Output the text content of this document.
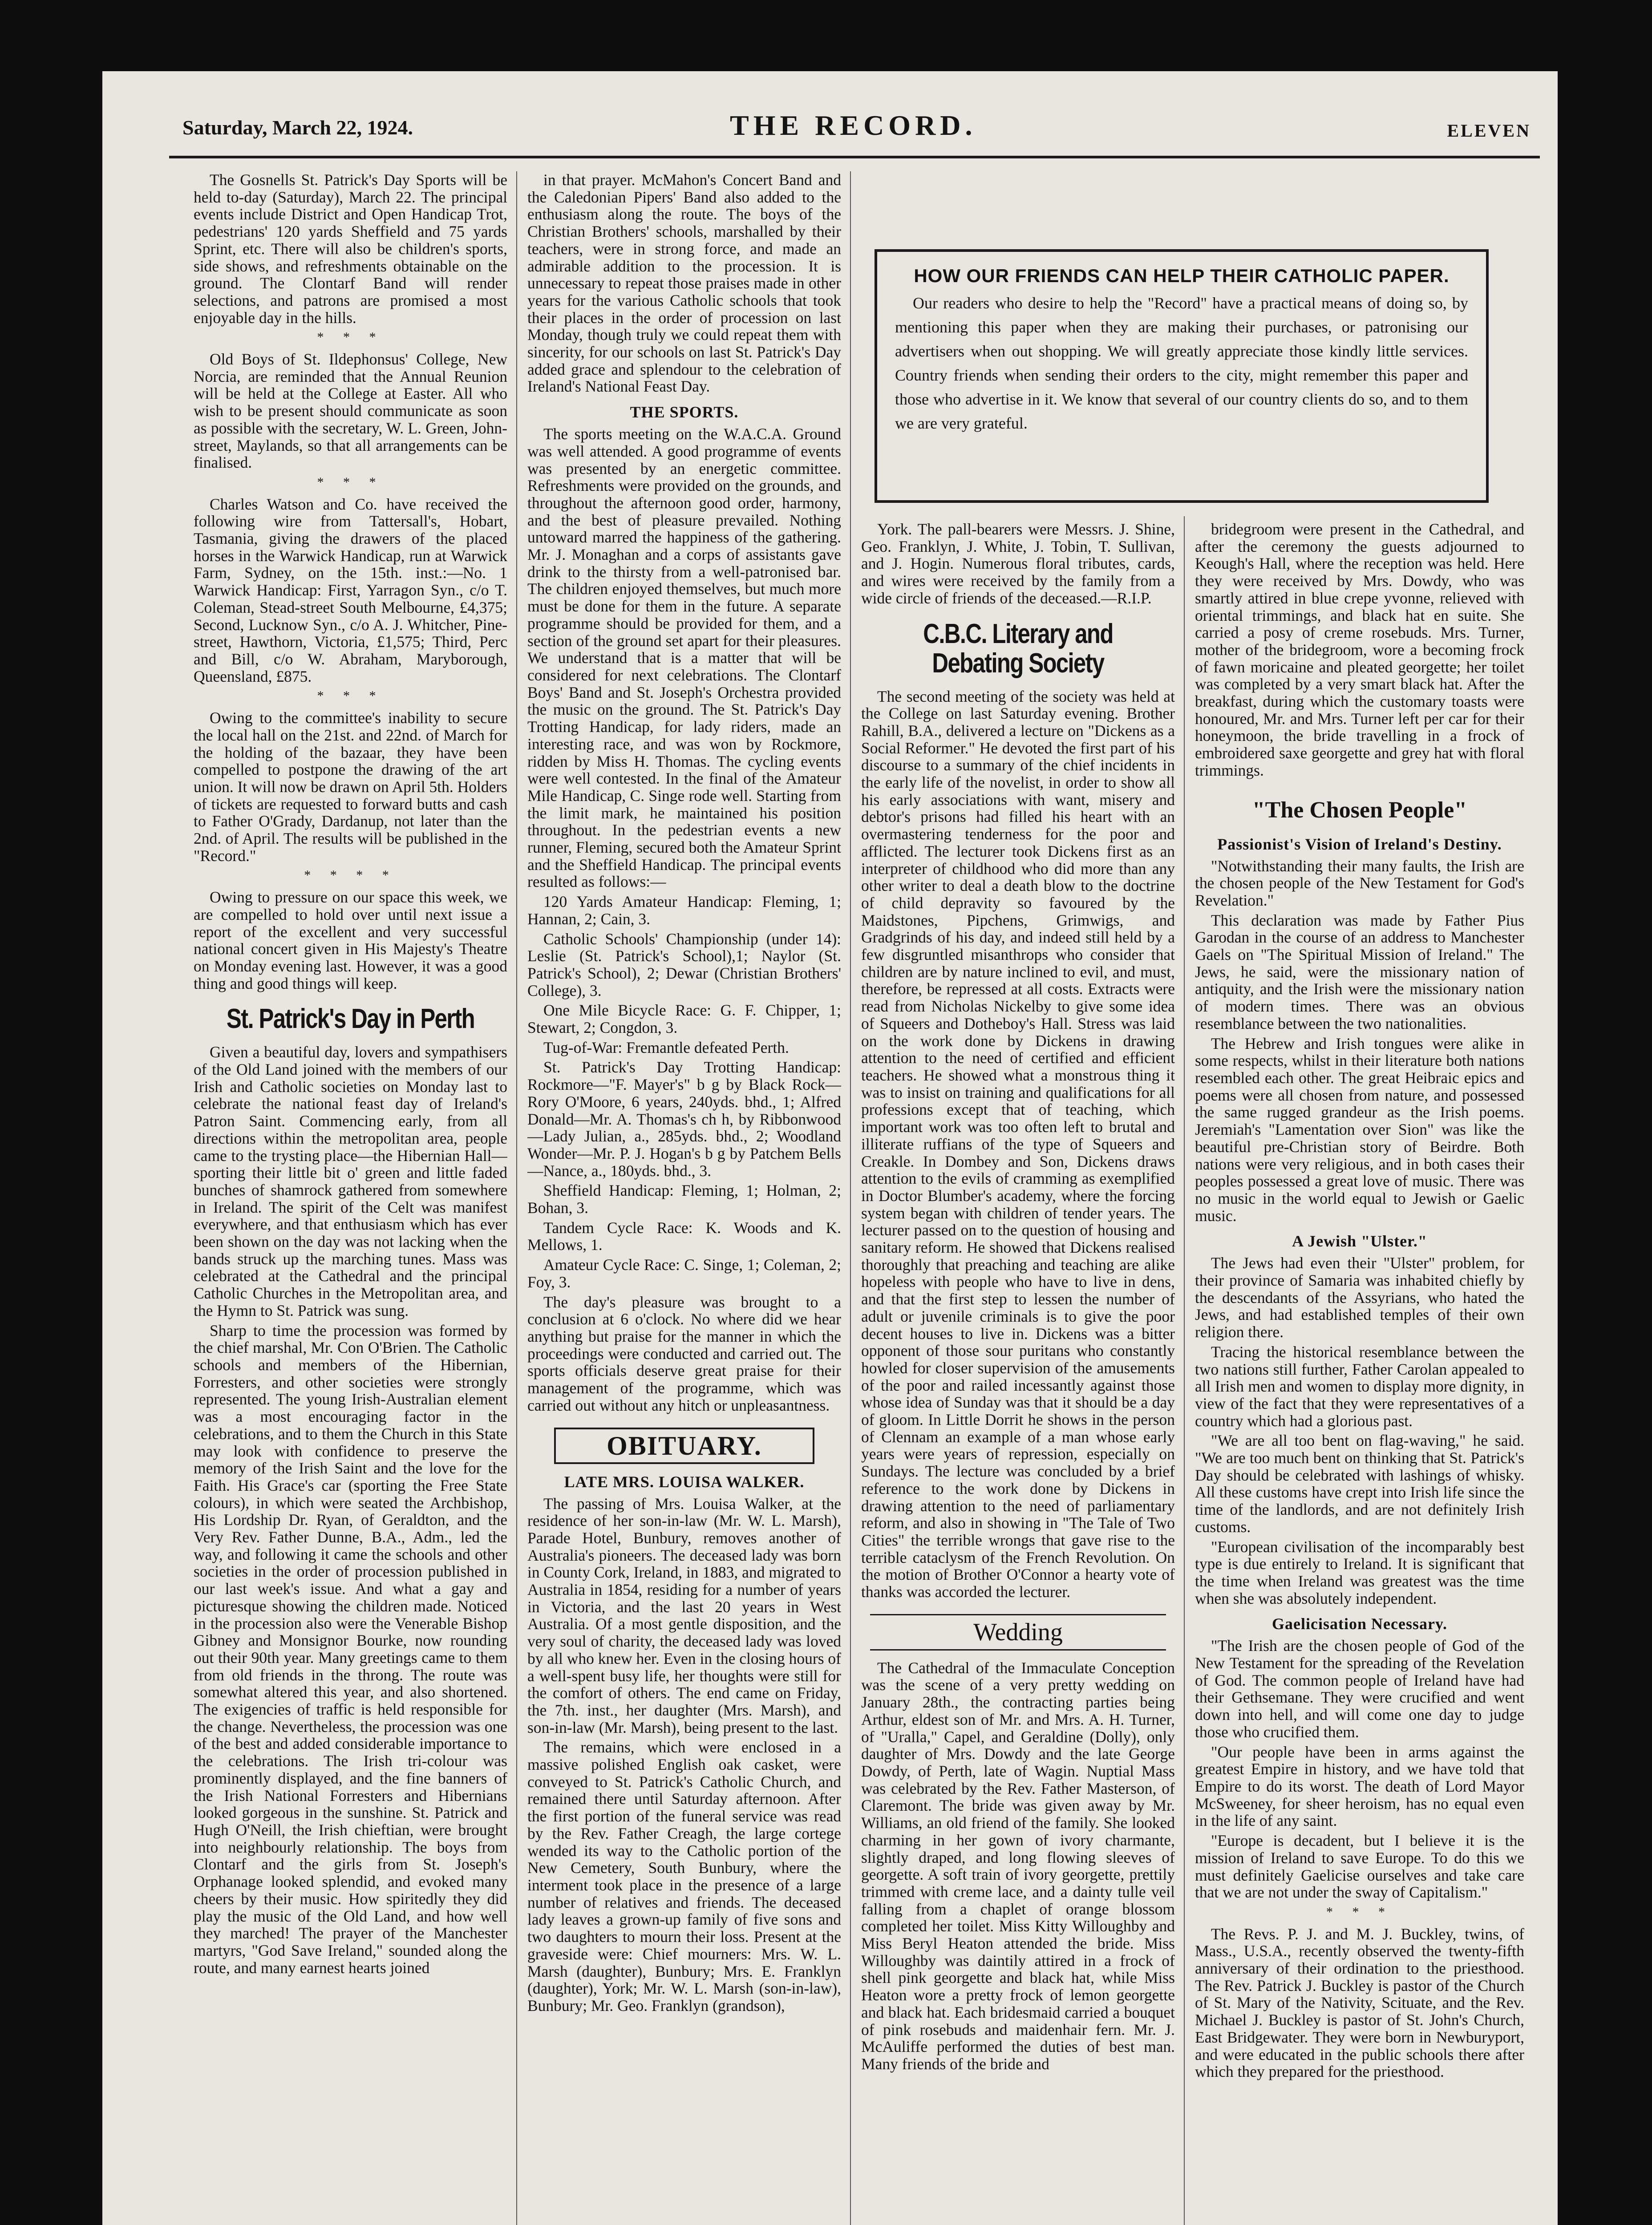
Saturday, March 22, 1924.	THE RECORD.	ELEVEN

The Gosnells St. Patrick's Day Sports will be held to-day (Saturday), March 22. The principal events include District and Open Handicap Trot, pedestrians' 120 yards Sheffield and 75 yards Sprint, etc. There will also be children's sports, side shows, and refreshments obtainable on the ground. The Clontarf Band will render selections, and patrons are promised a most enjoyable day in the hills.

* * *

Old Boys of St. Ildephonsus' College, New Norcia, are reminded that the Annual Reunion will be held at the College at Easter. All who wish to be present should communicate as soon as possible with the secretary, W. L. Green, John-street, Maylands, so that all arrangements can be finalised.

* * *

Charles Watson and Co. have received the following wire from Tattersall's, Hobart, Tasmania, giving the drawers of the placed horses in the Warwick Handicap, run at Warwick Farm, Sydney, on the 15th. inst.:—No. 1 Warwick Handicap: First, Yarragon Syn., c/o T. Coleman, Stead-street South Melbourne, £4,375; Second, Lucknow Syn., c/o A. J. Whitcher, Pine-street, Hawthorn, Victoria, £1,575; Third, Perc and Bill, c/o W. Abraham, Maryborough, Queensland, £875.

* * *

Owing to the committee's inability to secure the local hall on the 21st. and 22nd. of March for the holding of the bazaar, they have been compelled to postpone the drawing of the art union. It will now be drawn on April 5th. Holders of tickets are requested to forward butts and cash to Father O'Grady, Dardanup, not later than the 2nd. of April. The results will be published in the "Record."

* * * *

Owing to pressure on our space this week, we are compelled to hold over until next issue a report of the excellent and very successful national concert given in His Majesty's Theatre on Monday evening last. However, it was a good thing and good things will keep.

St. Patrick's Day in Perth

Given a beautiful day, lovers and sympathisers of the Old Land joined with the members of our Irish and Catholic societies on Monday last to celebrate the national feast day of Ireland's Patron Saint. Commencing early, from all directions within the metropolitan area, people came to the trysting place—the Hibernian Hall—sporting their little bit o' green and little faded bunches of shamrock gathered from somewhere in Ireland. The spirit of the Celt was manifest everywhere, and that enthusiasm which has ever been shown on the day was not lacking when the bands struck up the marching tunes. Mass was celebrated at the Cathedral and the principal Catholic Churches in the Metropolitan area, and the Hymn to St. Patrick was sung.

Sharp to time the procession was formed by the chief marshal, Mr. Con O'Brien. The Catholic schools and members of the Hibernian, Forresters, and other societies were strongly represented. The young Irish-Australian element was a most encouraging factor in the celebrations, and to them the Church in this State may look with confidence to preserve the memory of the Irish Saint and the love for the Faith. His Grace's car (sporting the Free State colours), in which were seated the Archbishop, His Lordship Dr. Ryan, of Geraldton, and the Very Rev. Father Dunne, B.A., Adm., led the way, and following it came the schools and other societies in the order of procession published in our last week's issue. And what a gay and picturesque showing the children made. Noticed in the procession also were the Venerable Bishop Gibney and Monsignor Bourke, now rounding out their 90th year. Many greetings came to them from old friends in the throng. The route was somewhat altered this year, and also shortened. The exigencies of traffic is held responsible for the change. Nevertheless, the procession was one of the best and added considerable importance to the celebrations. The Irish tri-colour was prominently displayed, and the fine banners of the Irish National Forresters and Hibernians looked gorgeous in the sunshine. St. Patrick and Hugh O'Neill, the Irish chieftian, were brought into neighbourly relationship. The boys from Clontarf and the girls from St. Joseph's Orphanage looked splendid, and evoked many cheers by their music. How spiritedly they did play the music of the Old Land, and how well they marched! The prayer of the Manchester martyrs, "God Save Ireland," sounded along the route, and many earnest hearts joined

in that prayer. McMahon's Concert Band and the Caledonian Pipers' Band also added to the enthusiasm along the route. The boys of the Christian Brothers' schools, marshalled by their teachers, were in strong force, and made an admirable addition to the procession. It is unnecessary to repeat those praises made in other years for the various Catholic schools that took their places in the order of procession on last Monday, though truly we could repeat them with sincerity, for our schools on last St. Patrick's Day added grace and splendour to the celebration of Ireland's National Feast Day.

THE SPORTS.

The sports meeting on the W.A.C.A. Ground was well attended. A good programme of events was presented by an energetic committee. Refreshments were provided on the grounds, and throughout the afternoon good order, harmony, and the best of pleasure prevailed. Nothing untoward marred the happiness of the gathering. Mr. J. Monaghan and a corps of assistants gave drink to the thirsty from a well-patronised bar. The children enjoyed themselves, but much more must be done for them in the future. A separate programme should be provided for them, and a section of the ground set apart for their pleasures. We understand that is a matter that will be considered for next celebrations. The Clontarf Boys' Band and St. Joseph's Orchestra provided the music on the ground. The St. Patrick's Day Trotting Handicap, for lady riders, made an interesting race, and was won by Rockmore, ridden by Miss H. Thomas. The cycling events were well contested. In the final of the Amateur Mile Handicap, C. Singe rode well. Starting from the limit mark, he maintained his position throughout. In the pedestrian events a new runner, Fleming, secured both the Amateur Sprint and the Sheffield Handicap. The principal events resulted as follows:—

120 Yards Amateur Handicap: Fleming, 1; Hannan, 2; Cain, 3.

Catholic Schools' Championship (under 14): Leslie (St. Patrick's School),1; Naylor (St. Patrick's School), 2; Dewar (Christian Brothers' College), 3.

One Mile Bicycle Race: G. F. Chipper, 1; Stewart, 2; Congdon, 3.

Tug-of-War: Fremantle defeated Perth.

St. Patrick's Day Trotting Handicap: Rockmore—"F. Mayer's" b g by Black Rock—Rory O'Moore, 6 years, 240yds. bhd., 1; Alfred Donald—Mr. A. Thomas's ch h, by Ribbonwood—Lady Julian, a., 285yds. bhd., 2; Woodland Wonder—Mr. P. J. Hogan's b g by Patchem Bells—Nance, a., 180yds. bhd., 3.

Sheffield Handicap: Fleming, 1; Holman, 2; Bohan, 3.

Tandem Cycle Race: K. Woods and K. Mellows, 1.

Amateur Cycle Race: C. Singe, 1; Coleman, 2; Foy, 3.

The day's pleasure was brought to a conclusion at 6 o'clock. No where did we hear anything but praise for the manner in which the proceedings were conducted and carried out. The sports officials deserve great praise for their management of the programme, which was carried out without any hitch or unpleasantness.

OBITUARY.
LATE MRS. LOUISA WALKER.

The passing of Mrs. Louisa Walker, at the residence of her son-in-law (Mr. W. L. Marsh), Parade Hotel, Bunbury, removes another of Australia's pioneers. The deceased lady was born in County Cork, Ireland, in 1883, and migrated to Australia in 1854, residing for a number of years in Victoria, and the last 20 years in West Australia. Of a most gentle disposition, and the very soul of charity, the deceased lady was loved by all who knew her. Even in the closing hours of a well-spent busy life, her thoughts were still for the comfort of others. The end came on Friday, the 7th. inst., her daughter (Mrs. Marsh), and son-in-law (Mr. Marsh), being present to the last.

The remains, which were enclosed in a massive polished English oak casket, were conveyed to St. Patrick's Catholic Church, and remained there until Saturday afternoon. After the first portion of the funeral service was read by the Rev. Father Creagh, the large cortege wended its way to the Catholic portion of the New Cemetery, South Bunbury, where the interment took place in the presence of a large number of relatives and friends. The deceased lady leaves a grown-up family of five sons and two daughters to mourn their loss. Present at the graveside were: Chief mourners: Mrs. W. L. Marsh (daughter), Bunbury; Mrs. E. Franklyn (daughter), York; Mr. W. L. Marsh (son-in-law), Bunbury; Mr. Geo. Franklyn (grandson),

HOW OUR FRIENDS CAN HELP THEIR CATHOLIC PAPER.

Our readers who desire to help the "Record" have a practical means of doing so, by mentioning this paper when they are making their purchases, or patronising our advertisers when out shopping. We will greatly appreciate those kindly little services. Country friends when sending their orders to the city, might remember this paper and those who advertise in it. We know that several of our country clients do so, and to them we are very grateful.

York. The pall-bearers were Messrs. J. Shine, Geo. Franklyn, J. White, J. Tobin, T. Sullivan, and J. Hogin. Numerous floral tributes, cards, and wires were received by the family from a wide circle of friends of the deceased.—R.I.P.

C.B.C. Literary and Debating Society

The second meeting of the society was held at the College on last Saturday evening. Brother Rahill, B.A., delivered a lecture on "Dickens as a Social Reformer." He devoted the first part of his discourse to a summary of the chief incidents in the early life of the novelist, in order to show all his early associations with want, misery and debtor's prisons had filled his heart with an overmastering tenderness for the poor and afflicted. The lecturer took Dickens first as an interpreter of childhood who did more than any other writer to deal a death blow to the doctrine of child depravity so favoured by the Maidstones, Pipchens, Grimwigs, and Gradgrinds of his day, and indeed still held by a few disgruntled misanthrops who consider that children are by nature inclined to evil, and must, therefore, be repressed at all costs. Extracts were read from Nicholas Nickelby to give some idea of Squeers and Dotheboy's Hall. Stress was laid on the work done by Dickens in drawing attention to the need of certified and efficient teachers. He showed what a monstrous thing it was to insist on training and qualifications for all professions except that of teaching, which important work was too often left to brutal and illiterate ruffians of the type of Squeers and Creakle. In Dombey and Son, Dickens draws attention to the evils of cramming as exemplified in Doctor Blumber's academy, where the forcing system began with children of tender years. The lecturer passed on to the question of housing and sanitary reform. He showed that Dickens realised thoroughly that preaching and teaching are alike hopeless with people who have to live in dens, and that the first step to lessen the number of adult or juvenile criminals is to give the poor decent houses to live in. Dickens was a bitter opponent of those sour puritans who constantly howled for closer supervision of the amusements of the poor and railed incessantly against those whose idea of Sunday was that it should be a day of gloom. In Little Dorrit he shows in the person of Clennam an example of a man whose early years were years of repression, especially on Sundays. The lecture was concluded by a brief reference to the work done by Dickens in drawing attention to the need of parliamentary reform, and also in showing in "The Tale of Two Cities" the terrible wrongs that gave rise to the terrible cataclysm of the French Revolution. On the motion of Brother O'Connor a hearty vote of thanks was accorded the lecturer.

Wedding

The Cathedral of the Immaculate Conception was the scene of a very pretty wedding on January 28th., the contracting parties being Arthur, eldest son of Mr. and Mrs. A. H. Turner, of "Uralla," Capel, and Geraldine (Dolly), only daughter of Mrs. Dowdy and the late George Dowdy, of Perth, late of Wagin. Nuptial Mass was celebrated by the Rev. Father Masterson, of Claremont. The bride was given away by Mr. Williams, an old friend of the family. She looked charming in her gown of ivory charmante, slightly draped, and long flowing sleeves of georgette. A soft train of ivory georgette, prettily trimmed with creme lace, and a dainty tulle veil falling from a chaplet of orange blossom completed her toilet. Miss Kitty Willoughby and Miss Beryl Heaton attended the bride. Miss Willoughby was daintily attired in a frock of shell pink georgette and black hat, while Miss Heaton wore a pretty frock of lemon georgette and black hat. Each bridesmaid carried a bouquet of pink rosebuds and maidenhair fern. Mr. J. McAuliffe performed the duties of best man. Many friends of the bride and

bridegroom were present in the Cathedral, and after the ceremony the guests adjourned to Keough's Hall, where the reception was held. Here they were received by Mrs. Dowdy, who was smartly attired in blue crepe yvonne, relieved with oriental trimmings, and black hat en suite. She carried a posy of creme rosebuds. Mrs. Turner, mother of the bridegroom, wore a becoming frock of fawn moricaine and pleated georgette; her toilet was completed by a very smart black hat. After the breakfast, during which the customary toasts were honoured, Mr. and Mrs. Turner left per car for their honeymoon, the bride travelling in a frock of embroidered saxe georgette and grey hat with floral trimmings.

"The Chosen People"
Passionist's Vision of Ireland's Destiny.

"Notwithstanding their many faults, the Irish are the chosen people of the New Testament for God's Revelation."

This declaration was made by Father Pius Garodan in the course of an address to Manchester Gaels on "The Spiritual Mission of Ireland." The Jews, he said, were the missionary nation of antiquity, and the Irish were the missionary nation of modern times. There was an obvious resemblance between the two nationalities.

The Hebrew and Irish tongues were alike in some respects, whilst in their literature both nations resembled each other. The great Heibraic epics and poems were all chosen from nature, and possessed the same rugged grandeur as the Irish poems. Jeremiah's "Lamentation over Sion" was like the beautiful pre-Christian story of Beirdre. Both nations were very religious, and in both cases their peoples possessed a great love of music. There was no music in the world equal to Jewish or Gaelic music.

A Jewish "Ulster."

The Jews had even their "Ulster" problem, for their province of Samaria was inhabited chiefly by the descendants of the Assyrians, who hated the Jews, and had established temples of their own religion there.

Tracing the historical resemblance between the two nations still further, Father Carolan appealed to all Irish men and women to display more dignity, in view of the fact that they were representatives of a country which had a glorious past.

"We are all too bent on flag-waving," he said. "We are too much bent on thinking that St. Patrick's Day should be celebrated with lashings of whisky. All these customs have crept into Irish life since the time of the landlords, and are not definitely Irish customs.

"European civilisation of the incomparably best type is due entirely to Ireland. It is significant that the time when Ireland was greatest was the time when she was absolutely independent.

Gaelicisation Necessary.

"The Irish are the chosen people of God of the New Testament for the spreading of the Revelation of God. The common people of Ireland have had their Gethsemane. They were crucified and went down into hell, and will come one day to judge those who crucified them.

"Our people have been in arms against the greatest Empire in history, and we have told that Empire to do its worst. The death of Lord Mayor McSweeney, for sheer heroism, has no equal even in the life of any saint.

"Europe is decadent, but I believe it is the mission of Ireland to save Europe. To do this we must definitely Gaelicise ourselves and take care that we are not under the sway of Capitalism."

* * *

The Revs. P. J. and M. J. Buckley, twins, of Mass., U.S.A., recently observed the twenty-fifth anniversary of their ordination to the priesthood. The Rev. Patrick J. Buckley is pastor of the Church of St. Mary of the Nativity, Scituate, and the Rev. Michael J. Buckley is pastor of St. John's Church, East Bridgewater. They were born in Newburyport, and were educated in the public schools there after which they prepared for the priesthood.
